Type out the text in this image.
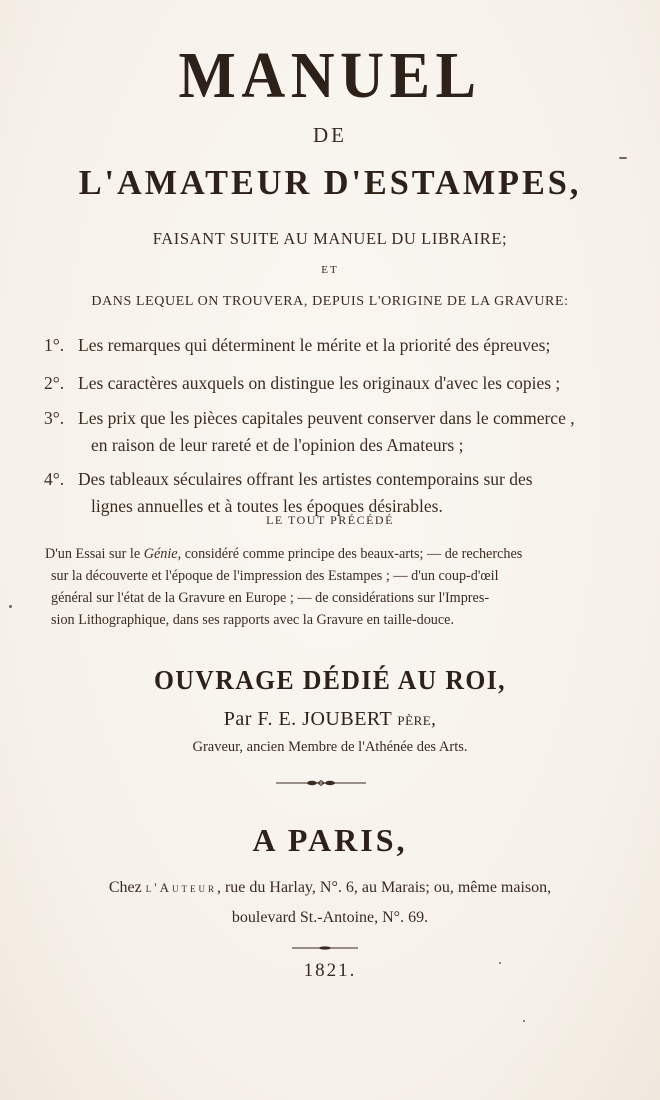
MANUEL
DE
L'AMATEUR D'ESTAMPES,
FAISANT SUITE AU MANUEL DU LIBRAIRE;
ET
DANS LEQUEL ON TROUVERA, DEPUIS L'ORIGINE DE LA GRAVURE:
1°. Les remarques qui déterminent le mérite et la priorité des épreuves;
2°. Les caractères auxquels on distingue les originaux d'avec les copies ;
3°. Les prix que les pièces capitales peuvent conserver dans le commerce ,
en raison de leur rareté et de l'opinion des Amateurs ;
4°. Des tableaux séculaires offrant les artistes contemporains sur des
lignes annuelles et à toutes les époques désirables.
LE TOUT PRÉCÉDÉ
D'un Essai sur le Génie, considéré comme principe des beaux-arts; — de recherches
sur la découverte et l'époque de l'impression des Estampes ; — d'un coup-d'œil
général sur l'état de la Gravure en Europe ; — de considérations sur l'Impres-
sion Lithographique, dans ses rapports avec la Gravure en taille-douce.
OUVRAGE DÉDIÉ AU ROI,
Par F. E. JOUBERT père,
Graveur, ancien Membre de l'Athénée des Arts.
A PARIS,
Chez l'Auteur, rue du Harlay, N°. 6, au Marais; ou, même maison,
boulevard St.-Antoine, N°. 69.
1821.
